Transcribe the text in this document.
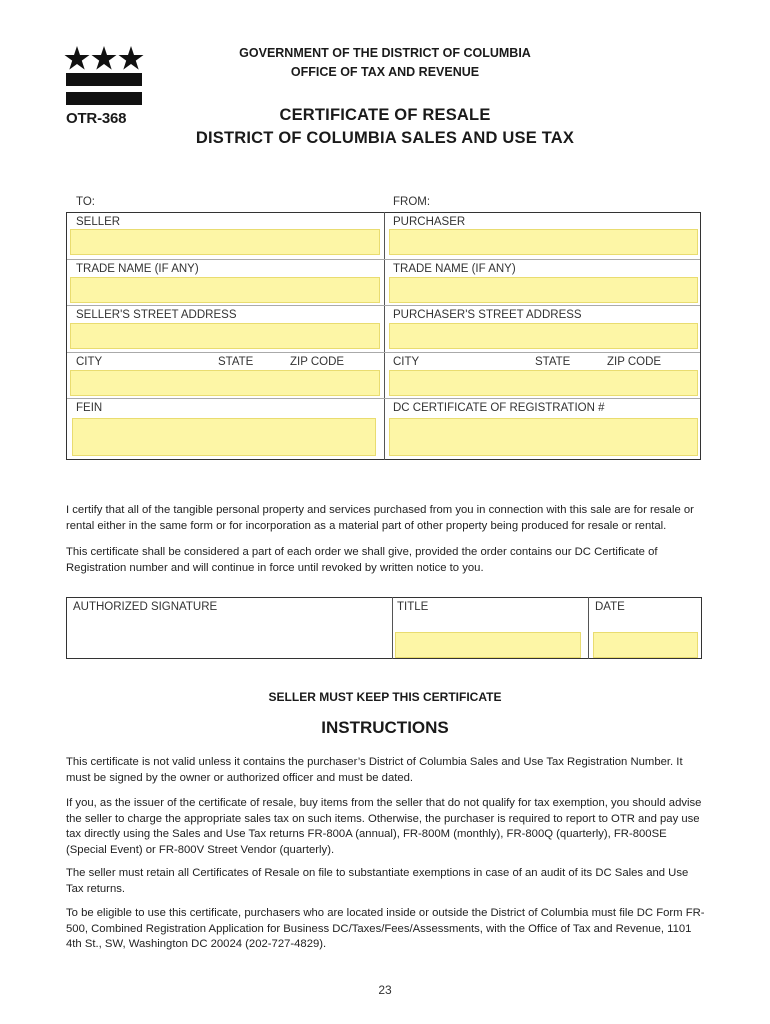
OTR-368
GOVERNMENT OF THE DISTRICT OF COLUMBIA
OFFICE OF TAX AND REVENUE
CERTIFICATE OF RESALE
DISTRICT OF COLUMBIA SALES AND USE TAX
TO:	FROM:
SELLER	PURCHASER
TRADE NAME (IF ANY)	TRADE NAME (IF ANY)
SELLER'S STREET ADDRESS	PURCHASER'S STREET ADDRESS
CITY	STATE	ZIP CODE	CITY	STATE	ZIP CODE
FEIN	DC CERTIFICATE OF REGISTRATION #
I certify that all of the tangible personal property and services purchased from you in connection with this sale are for resale or rental either in the same form or for incorporation as a material part of other property being produced for resale or rental.
This certificate shall be considered a part of each order we shall give, provided the order contains our DC Certificate of Registration number and will continue in force until revoked by written notice to you.
AUTHORIZED SIGNATURE	TITLE	DATE
SELLER MUST KEEP THIS CERTIFICATE
INSTRUCTIONS
This certificate is not valid unless it contains the purchaser’s District of Columbia Sales and Use Tax Registration Number. It must be signed by the owner or authorized officer and must be dated.
If you, as the issuer of the certificate of resale, buy items from the seller that do not qualify for tax exemption, you should advise the seller to charge the appropriate sales tax on such items. Otherwise, the purchaser is required to report to OTR and pay use tax directly using the Sales and Use Tax returns FR-800A (annual), FR-800M (monthly), FR-800Q (quarterly), FR-800SE (Special Event) or FR-800V Street Vendor (quarterly).
The seller must retain all Certificates of Resale on file to substantiate exemptions in case of an audit of its DC Sales and Use Tax returns.
To be eligible to use this certificate, purchasers who are located inside or outside the District of Columbia must file DC Form FR-500, Combined Registration Application for Business DC/Taxes/Fees/Assessments, with the Office of Tax and Revenue, 1101 4th St., SW, Washington DC 20024 (202-727-4829).
23
